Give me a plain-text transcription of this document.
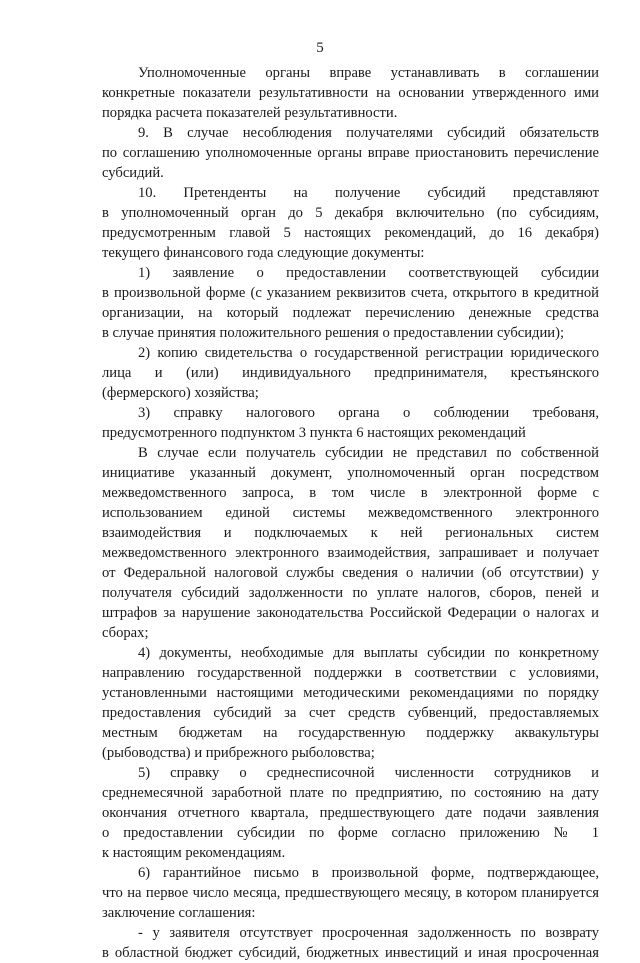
5
Уполномоченные органы вправе устанавливать в соглашении
конкретные показатели результативности на основании утвержденного ими
порядка расчета показателей результативности.
9. В случае несоблюдения получателями субсидий обязательств
по соглашению уполномоченные органы вправе приостановить перечисление
субсидий.
10. Претенденты на получение субсидий представляют
в уполномоченный орган до 5 декабря включительно (по субсидиям,
предусмотренным главой 5 настоящих рекомендаций, до 16 декабря)
текущего финансового года следующие документы:
1) заявление о предоставлении соответствующей субсидии
в произвольной форме (с указанием реквизитов счета, открытого в кредитной
организации, на который подлежат перечислению денежные средства
в случае принятия положительного решения о предоставлении субсидии);
2) копию свидетельства о государственной регистрации юридического
лица и (или) индивидуального предпринимателя, крестьянского
(фермерского) хозяйства;
3) справку налогового органа о соблюдении требованя,
предусмотренного подпунктом 3 пункта 6 настоящих рекомендаций
В случае если получатель субсидии не представил по собственной
инициативе указанный документ, уполномоченный орган посредством
межведомственного запроса, в том числе в электронной форме с
использованием единой системы межведомственного электронного
взаимодействия и подключаемых к ней региональных систем
межведомственного электронного взаимодействия, запрашивает и получает
от Федеральной налоговой службы сведения о наличии (об отсутствии) у
получателя субсидий задолженности по уплате налогов, сборов, пеней и
штрафов за нарушение законодательства Российской Федерации о налогах и
сборах;
4) документы, необходимые для выплаты субсидии по конкретному
направлению государственной поддержки в соответствии с условиями,
установленными настоящими методическими рекомендациями по порядку
предоставления субсидий за счет средств субвенций, предоставляемых
местным бюджетам на государственную поддержку аквакультуры
(рыбоводства) и прибрежного рыболовства;
5) справку о среднесписочной численности сотрудников и
среднемесячной заработной плате по предприятию, по состоянию на дату
окончания отчетного квартала, предшествующего дате подачи заявления
о предоставлении субсидии по форме согласно приложению № 1
к настоящим рекомендациям.
6) гарантийное письмо в произвольной форме, подтверждающее,
что на первое число месяца, предшествующего месяцу, в котором планируется
заключение соглашения:
- у заявителя отсутствует просроченная задолженность по возврату
в областной бюджет субсидий, бюджетных инвестиций и иная просроченная
